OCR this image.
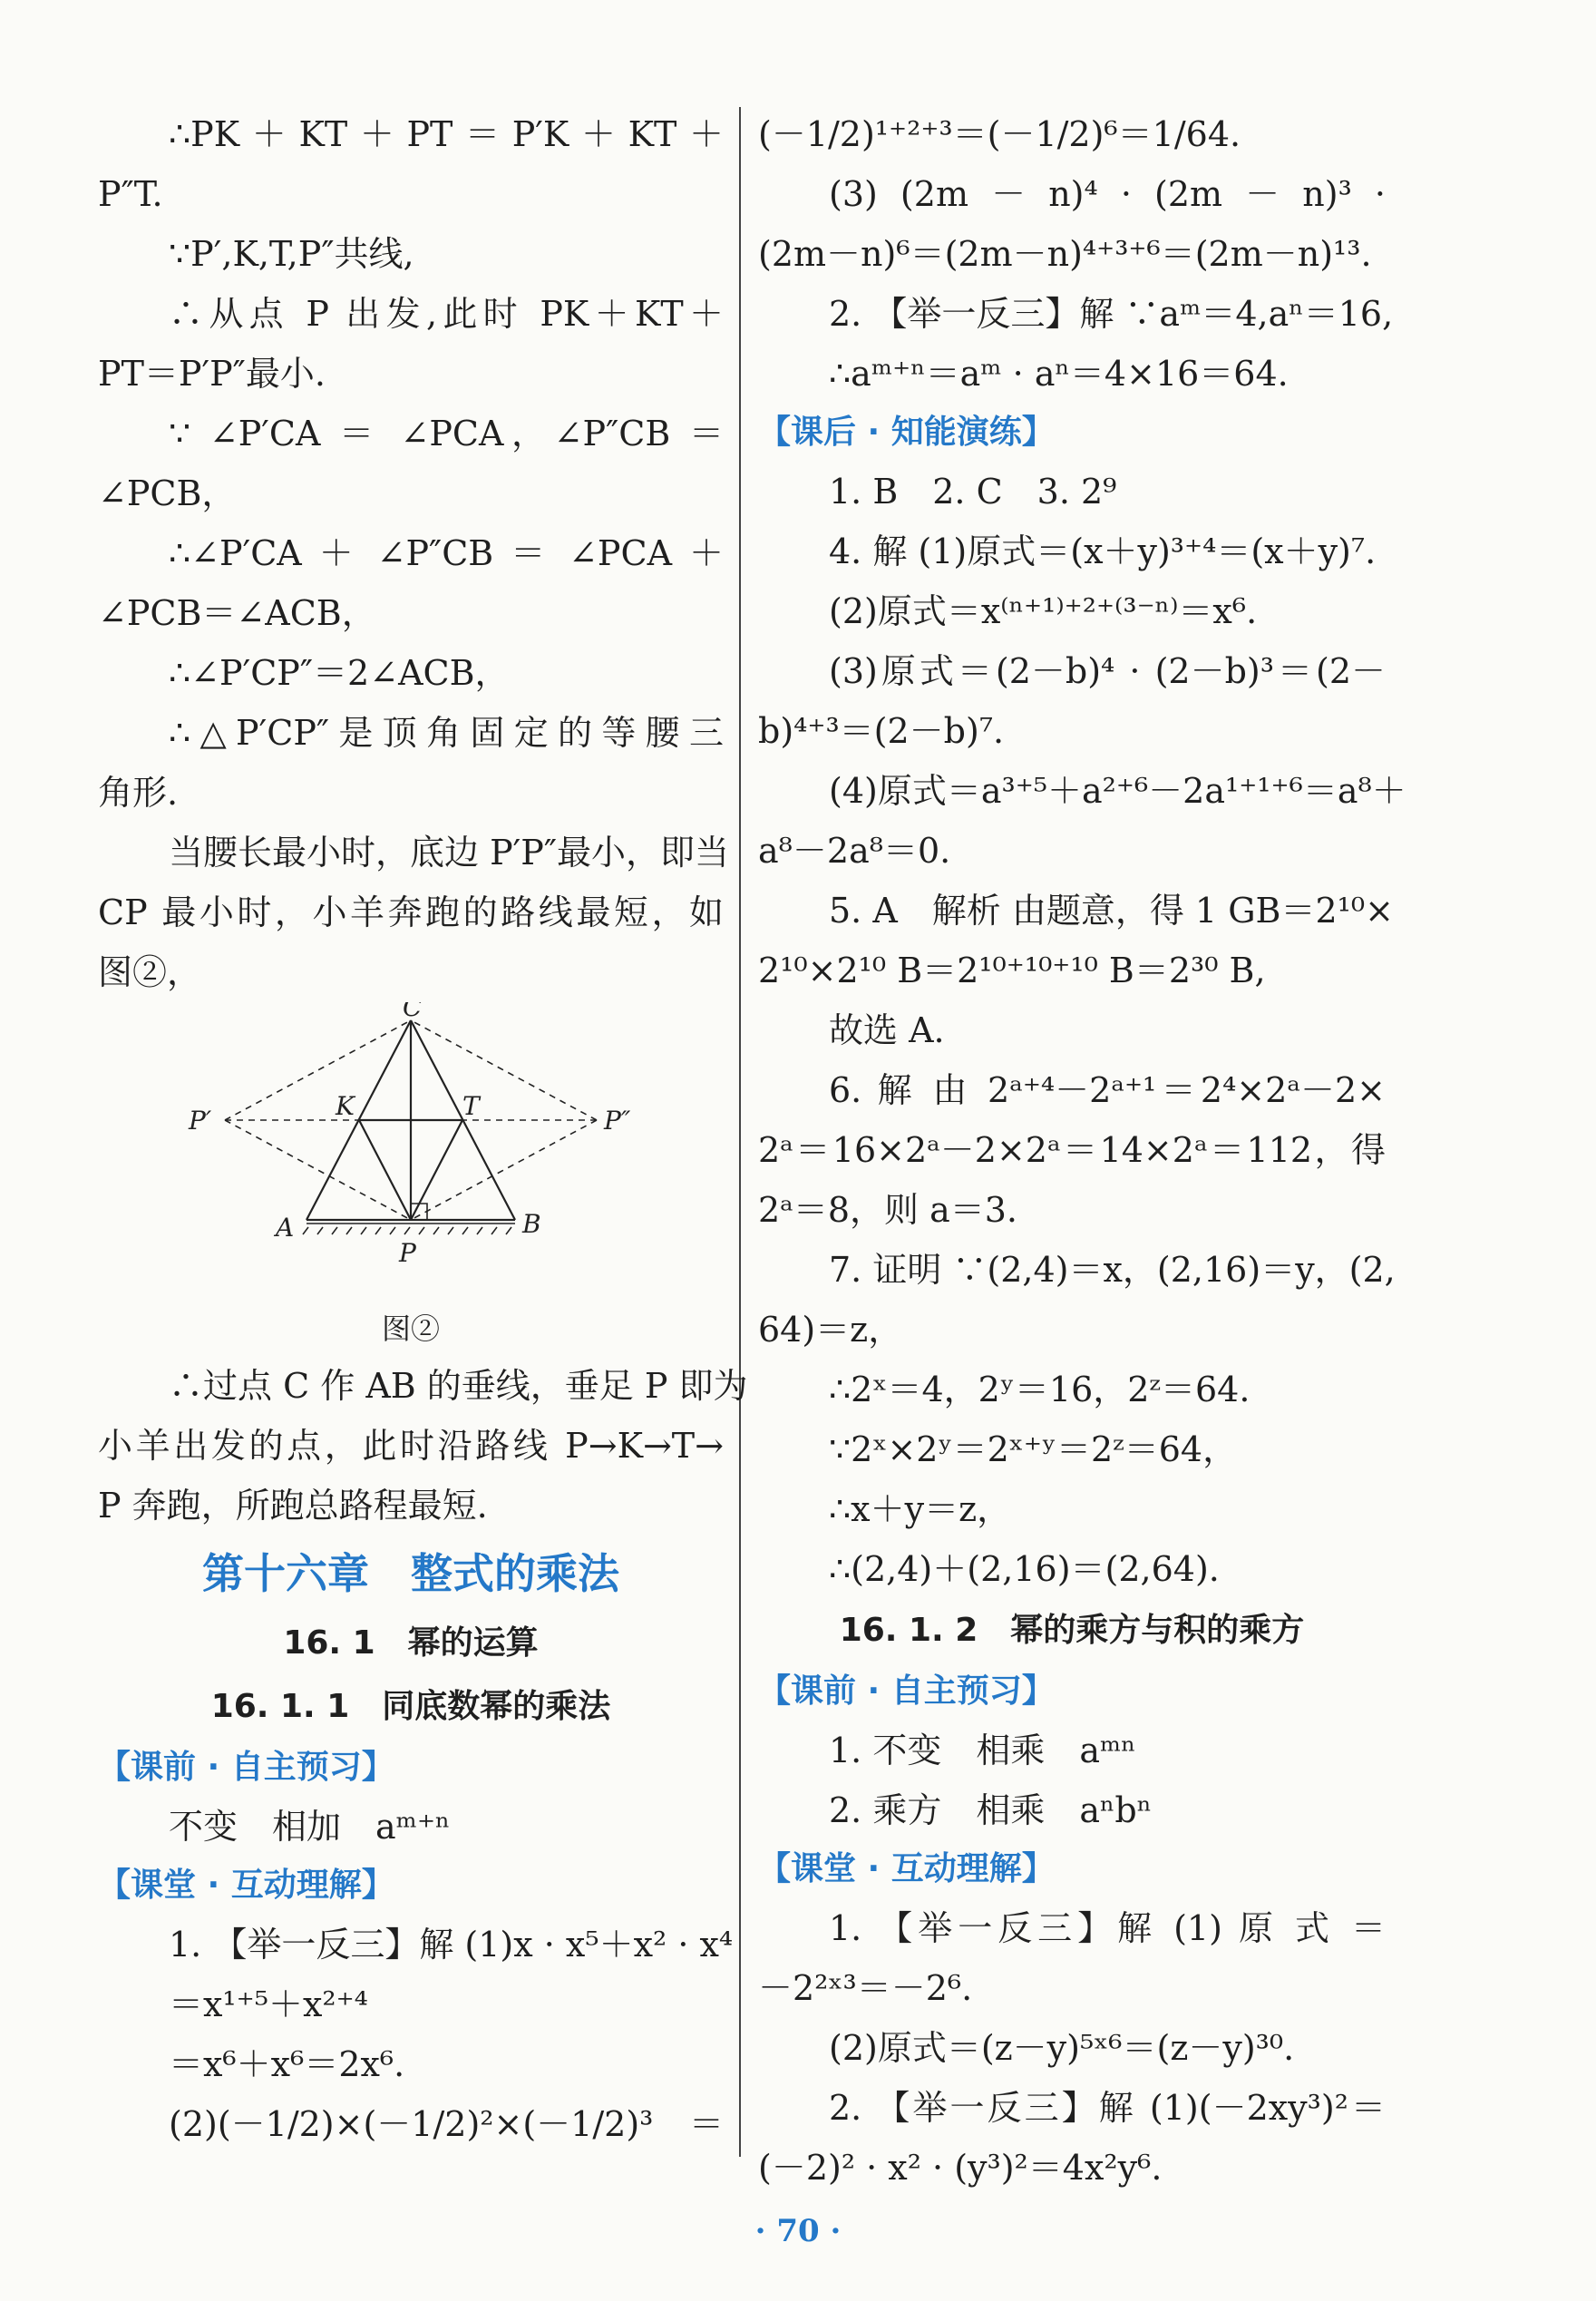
∴PK＋KT＋PT＝P′K＋KT＋
P″T.
∵P′,K,T,P″共线,
∴从点 P 出发,此时 PK＋KT＋
PT＝P′P″最小.
∵ ∠P′CA ＝ ∠PCA，∠P″CB ＝
∠PCB，
∴∠P′CA ＋ ∠P″CB ＝ ∠PCA ＋
∠PCB＝∠ACB，
∴∠P′CP″＝2∠ACB，
∴△P′CP″是顶角固定的等腰三
角形.
当腰长最小时，底边 P′P″最小，即当
CP 最小时，小羊奔跑的路线最短，如
图②，
C
K	T
P′	P″
A	B
P
图②
∴过点 C 作 AB 的垂线，垂足 P 即为
小羊出发的点，此时沿路线 P→K→T→
P 奔跑，所跑总路程最短.
第十六章　整式的乘法
16. 1　幂的运算
16. 1. 1　同底数幂的乘法
【课前 · 自主预习】
不变　相加　aᵐ⁺ⁿ
【课堂 · 互动理解】
1. 【举一反三】解 (1)x · x⁵＋x² · x⁴
＝x¹⁺⁵＋x²⁺⁴
＝x⁶＋x⁶＝2x⁶.
(2)(－1/2)×(－1/2)²×(－1/2)³ ＝
(－1/2)¹⁺²⁺³＝(－1/2)⁶＝1/64.
(3) (2m － n)⁴ · (2m － n)³ ·
(2m－n)⁶＝(2m－n)⁴⁺³⁺⁶＝(2m－n)¹³.
2. 【举一反三】解 ∵aᵐ＝4,aⁿ＝16,
∴aᵐ⁺ⁿ＝aᵐ · aⁿ＝4×16＝64.
【课后 · 知能演练】
1. B　2. C　3. 2⁹
4. 解 (1)原式＝(x＋y)³⁺⁴＝(x＋y)⁷.
(2)原式＝x⁽ⁿ⁺¹⁾⁺²⁺⁽³⁻ⁿ⁾＝x⁶.
(3)原式＝(2－b)⁴ · (2－b)³＝(2－
b)⁴⁺³＝(2－b)⁷.
(4)原式＝a³⁺⁵＋a²⁺⁶－2a¹⁺¹⁺⁶＝a⁸＋
a⁸－2a⁸＝0.
5. A　解析 由题意，得 1 GB＝2¹⁰×
2¹⁰×2¹⁰ B＝2¹⁰⁺¹⁰⁺¹⁰ B＝2³⁰ B,
故选 A.
6. 解 由 2ᵃ⁺⁴－2ᵃ⁺¹＝2⁴×2ᵃ－2×
2ᵃ＝16×2ᵃ－2×2ᵃ＝14×2ᵃ＝112，得
2ᵃ＝8，则 a＝3.
7. 证明 ∵(2,4)＝x，(2,16)＝y，(2,
64)＝z，
∴2ˣ＝4，2ʸ＝16，2ᶻ＝64.
∵2ˣ×2ʸ＝2ˣ⁺ʸ＝2ᶻ＝64，
∴x＋y＝z，
∴(2,4)＋(2,16)＝(2,64).
16. 1. 2　幂的乘方与积的乘方
【课前 · 自主预习】
1. 不变　相乘　aᵐⁿ
2. 乘方　相乘　aⁿbⁿ
【课堂 · 互动理解】
1. 【举一反三】解 (1) 原 式 ＝
－2²ˣ³＝－2⁶.
(2)原式＝(z－y)⁵ˣ⁶＝(z－y)³⁰.
2. 【举一反三】解 (1)(－2xy³)²＝
(－2)² · x² · (y³)²＝4x²y⁶.
· 70 ·
